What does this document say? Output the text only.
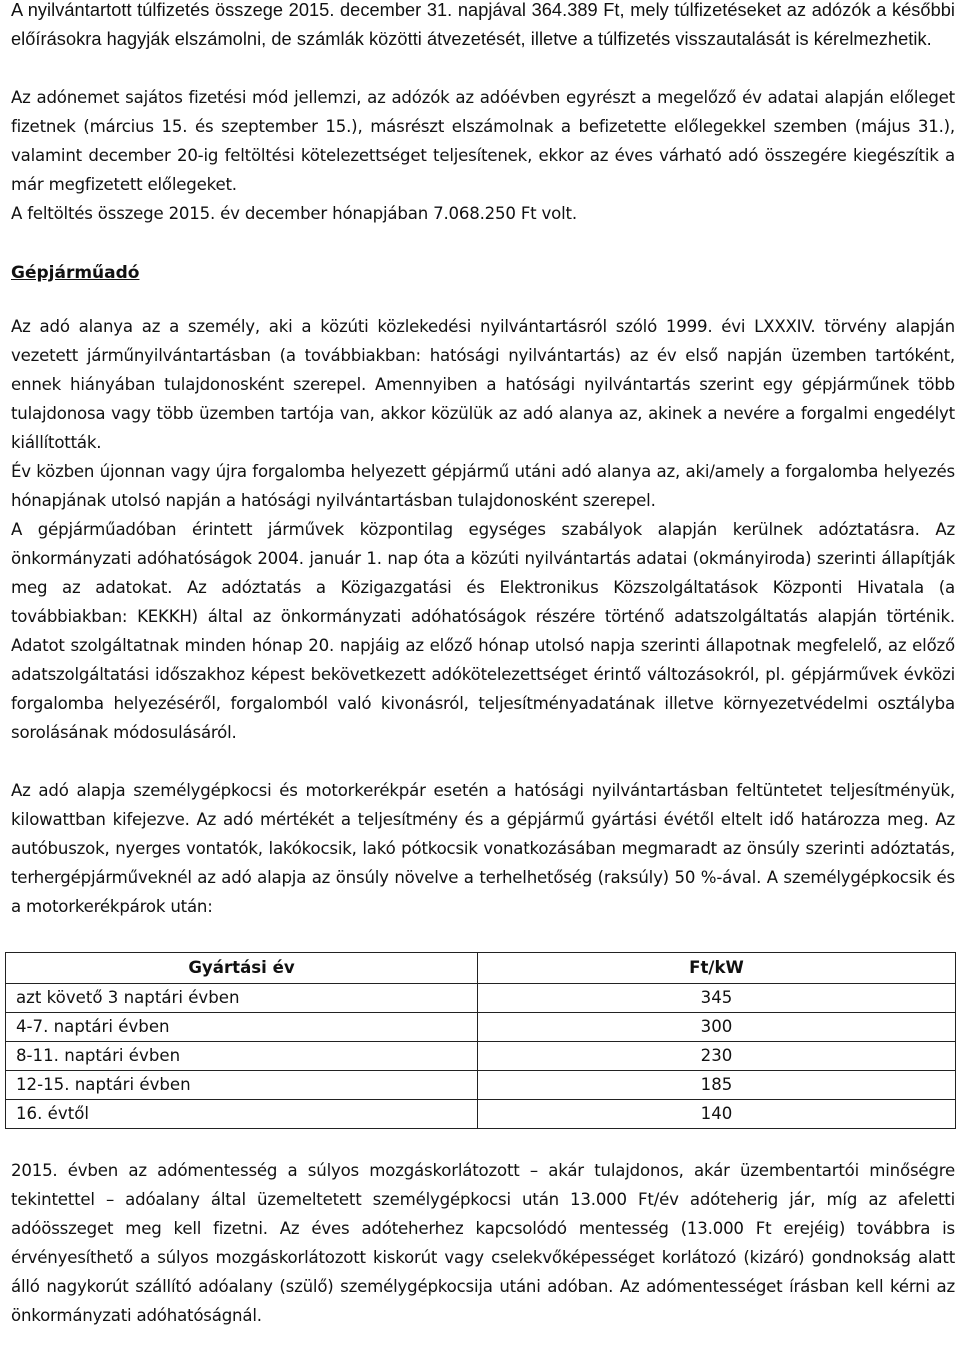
A nyilvántartott túlfizetés összege 2015. december 31. napjával 364.389 Ft, mely túlfizetéseket az adózók a későbbi előírásokra hagyják elszámolni, de számlák közötti átvezetését, illetve a túlfizetés visszautalását is kérelmezhetik.

Az adónemet sajátos fizetési mód jellemzi, az adózók az adóévben egyrészt a megelőző év adatai alapján előleget fizetnek (március 15. és szeptember 15.), másrészt elszámolnak a befizetette előlegekkel szemben (május 31.), valamint december 20-ig feltöltési kötelezettséget teljesítenek, ekkor az éves várható adó összegére kiegészítik a már megfizetett előlegeket.

A feltöltés összege 2015. év december hónapjában 7.068.250 Ft volt.

Gépjárműadó

Az adó alanya az a személy, aki a közúti közlekedési nyilvántartásról szóló 1999. évi LXXXIV. törvény alapján vezetett járműnyilvántartásban (a továbbiakban: hatósági nyilvántartás) az év első napján üzemben tartóként, ennek hiányában tulajdonosként szerepel. Amennyiben a hatósági nyilvántartás szerint egy gépjárműnek több tulajdonosa vagy több üzemben tartója van, akkor közülük az adó alanya az, akinek a nevére a forgalmi engedélyt kiállították.

Év közben újonnan vagy újra forgalomba helyezett gépjármű utáni adó alanya az, aki/amely a forgalomba helyezés hónapjának utolsó napján a hatósági nyilvántartásban tulajdonosként szerepel.

A gépjárműadóban érintett járművek központilag egységes szabályok alapján kerülnek adóztatásra. Az önkormányzati adóhatóságok 2004. január 1. nap óta a közúti nyilvántartás adatai (okmányiroda) szerinti állapítják meg az adatokat. Az adóztatás a Közigazgatási és Elektronikus Közszolgáltatások Központi Hivatala (a továbbiakban: KEKKH) által az önkormányzati adóhatóságok részére történő adatszolgáltatás alapján történik. Adatot szolgáltatnak minden hónap 20. napjáig az előző hónap utolsó napja szerinti állapotnak megfelelő, az előző adatszolgáltatási időszakhoz képest bekövetkezett adókötelezettséget érintő változásokról, pl. gépjárművek évközi forgalomba helyezéséről, forgalomból való kivonásról, teljesítményadatának illetve környezetvédelmi osztályba sorolásának módosulásáról.

Az adó alapja személygépkocsi és motorkerékpár esetén a hatósági nyilvántartásban feltüntetet teljesítményük, kilowattban kifejezve. Az adó mértékét a teljesítmény és a gépjármű gyártási évétől eltelt idő határozza meg. Az autóbuszok, nyerges vontatók, lakókocsik, lakó pótkocsik vonatkozásában megmaradt az önsúly szerinti adóztatás, terhergépjárműveknél az adó alapja az önsúly növelve a terhelhetőség (raksúly) 50 %-ával. A személygépkocsik és a motorkerékpárok után:

Gyártási év	Ft/kW
azt követő 3 naptári évben	345
4-7. naptári évben	300
8-11. naptári évben	230
12-15. naptári évben	185
16. évtől	140

2015. évben az adómentesség a súlyos mozgáskorlátozott – akár tulajdonos, akár üzembentartói minőségre tekintettel – adóalany által üzemeltetett személygépkocsi után 13.000 Ft/év adóteherig jár, míg az afeletti adóösszeget meg kell fizetni. Az éves adóteherhez kapcsolódó mentesség (13.000 Ft erejéig) továbbra is érvényesíthető a súlyos mozgáskorlátozott kiskorút vagy cselekvőképességet korlátozó (kizáró) gondnokság alatt álló nagykorút szállító adóalany (szülő) személygépkocsija utáni adóban. Az adómentességet írásban kell kérni az önkormányzati adóhatóságnál.
